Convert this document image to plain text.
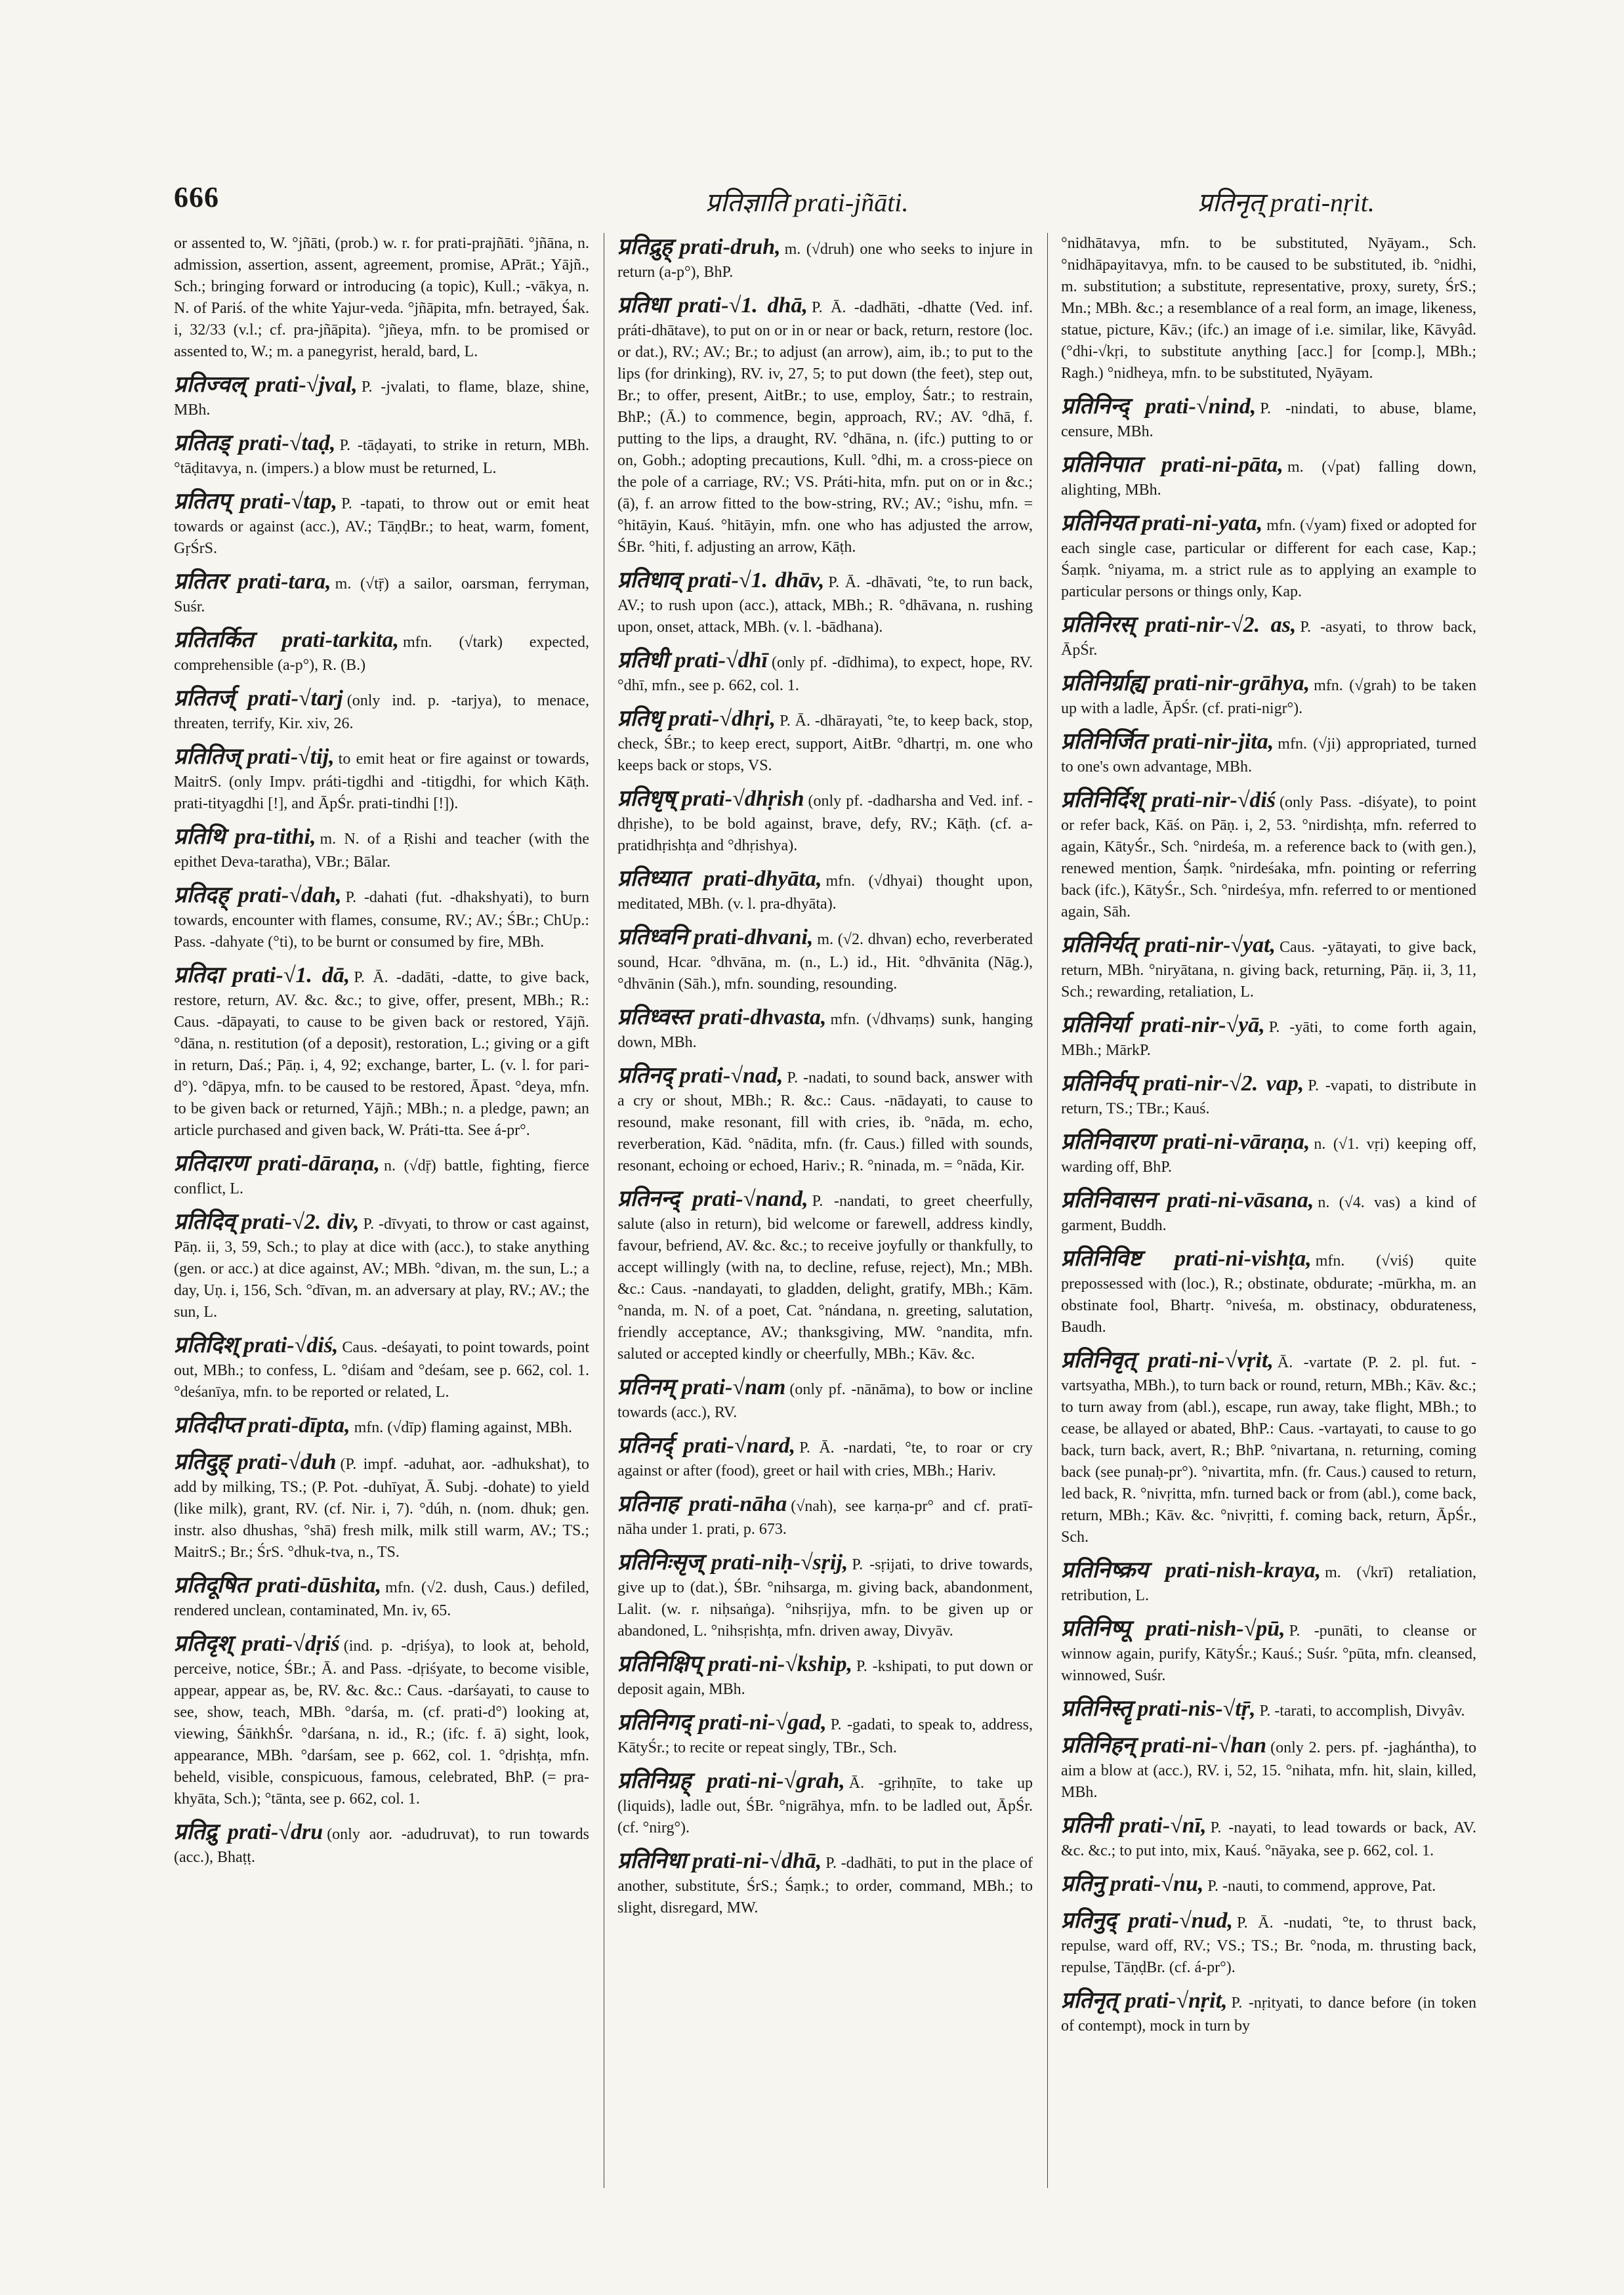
666	प्रतिज्ञाति prati-jñāti.	प्रतिनृत् prati-nṛit.

or assented to, W. °jñāti, (prob.) w. r. for prati-prajñāti. °jñāna, n. admission, assertion, assent, agreement, promise, APrāt.; Yājñ., Sch.; bringing forward or introducing (a topic), Kull.; -vākya, n. N. of Pariś. of the white Yajur-veda. °jñāpita, mfn. betrayed, Śak. i, 32/33 (v.l.; cf. pra-jñāpita). °jñeya, mfn. to be promised or assented to, W.; m. a panegyrist, herald, bard, L.

प्रतिज्वल् prati-√jval, P. -jvalati, to flame, blaze, shine, MBh.

प्रतितड् prati-√taḍ, P. -tāḍayati, to strike in return, MBh. °tāḍitavya, n. (impers.) a blow must be returned, L.

प्रतितप् prati-√tap, P. -tapati, to throw out or emit heat towards or against (acc.), AV.; TāṇḍBr.; to heat, warm, foment, GṛŚrS.

प्रतितर prati-tara, m. (√tṝ) a sailor, oarsman, ferryman, Suśr.

प्रतितर्कित prati-tarkita, mfn. (√tark) expected, comprehensible (a-p°), R. (B.)

प्रतितर्ज् prati-√tarj (only ind. p. -tarjya), to menace, threaten, terrify, Kir. xiv, 26.

प्रतितिज् prati-√tij, to emit heat or fire against or towards, MaitrS. (only Impv. práti-tigdhi and -titigdhi, for which Kāṭh. prati-tityagdhi [!], and ĀpŚr. prati-tindhi [!]).

प्रतिथि pra-tithi, m. N. of a Ṛishi and teacher (with the epithet Deva-taratha), VBr.; Bālar.

प्रतिदह् prati-√dah, P. -dahati (fut. -dhakshyati), to burn towards, encounter with flames, consume, RV.; AV.; ŚBr.; ChUp.: Pass. -dahyate (°ti), to be burnt or consumed by fire, MBh.

प्रतिदा prati-√1. dā, P. Ā. -dadāti, -datte, to give back, restore, return, AV. &c. &c.; to give, offer, present, MBh.; R.: Caus. -dāpayati, to cause to be given back or restored, Yājñ. °dāna, n. restitution (of a deposit), restoration, L.; giving or a gift in return, Daś.; Pāṇ. i, 4, 92; exchange, barter, L. (v. l. for pari-d°). °dāpya, mfn. to be caused to be restored, Āpast. °deya, mfn. to be given back or returned, Yājñ.; MBh.; n. a pledge, pawn; an article purchased and given back, W. Práti-tta. See á-pr°.

प्रतिदारण prati-dāraṇa, n. (√dṝ) battle, fighting, fierce conflict, L.

प्रतिदिव् prati-√2. div, P. -dīvyati, to throw or cast against, Pāṇ. ii, 3, 59, Sch.; to play at dice with (acc.), to stake anything (gen. or acc.) at dice against, AV.; MBh. °divan, m. the sun, L.; a day, Uṇ. i, 156, Sch. °dīvan, m. an adversary at play, RV.; AV.; the sun, L.

प्रतिदिश् prati-√diś, Caus. -deśayati, to point towards, point out, MBh.; to confess, L. °diśam and °deśam, see p. 662, col. 1. °deśanīya, mfn. to be reported or related, L.

प्रतिदीप्त prati-dīpta, mfn. (√dīp) flaming against, MBh.

प्रतिदुह् prati-√duh (P. impf. -aduhat, aor. -adhukshat), to add by milking, TS.; (P. Pot. -duhīyat, Ā. Subj. -dohate) to yield (like milk), grant, RV. (cf. Nir. i, 7). °dúh, n. (nom. dhuk; gen. instr. also dhushas, °shā) fresh milk, milk still warm, AV.; TS.; MaitrS.; Br.; ŚrS. °dhuk-tva, n., TS.

प्रतिदूषित prati-dūshita, mfn. (√2. dush, Caus.) defiled, rendered unclean, contaminated, Mn. iv, 65.

प्रतिदृश् prati-√dṛiś (ind. p. -dṛiśya), to look at, behold, perceive, notice, ŚBr.; Ā. and Pass. -dṛiśyate, to become visible, appear, appear as, be, RV. &c. &c.: Caus. -darśayati, to cause to see, show, teach, MBh. °darśa, m. (cf. prati-d°) looking at, viewing, ŚāṅkhŚr. °darśana, n. id., R.; (ifc. f. ā) sight, look, appearance, MBh. °darśam, see p. 662, col. 1. °dṛishṭa, mfn. beheld, visible, conspicuous, famous, celebrated, BhP. (= pra-khyāta, Sch.); °tānta, see p. 662, col. 1.

प्रतिद्रु prati-√dru (only aor. -adudruvat), to run towards (acc.), Bhaṭṭ.

प्रतिद्रुह् prati-druh, m. (√druh) one who seeks to injure in return (a-p°), BhP.

प्रतिधा prati-√1. dhā, P. Ā. -dadhāti, -dhatte (Ved. inf. práti-dhātave), to put on or in or near or back, return, restore (loc. or dat.), RV.; AV.; Br.; to adjust (an arrow), aim, ib.; to put to the lips (for drinking), RV. iv, 27, 5; to put down (the feet), step out, Br.; to offer, present, AitBr.; to use, employ, Śatr.; to restrain, BhP.; (Ā.) to commence, begin, approach, RV.; AV. °dhā, f. putting to the lips, a draught, RV. °dhāna, n. (ifc.) putting to or on, Gobh.; adopting precautions, Kull. °dhi, m. a cross-piece on the pole of a carriage, RV.; VS. Práti-hita, mfn. put on or in &c.; (ā), f. an arrow fitted to the bow-string, RV.; AV.; °ishu, mfn. = °hitāyin, Kauś. °hitāyin, mfn. one who has adjusted the arrow, ŚBr. °hiti, f. adjusting an arrow, Kāṭh.

प्रतिधाव् prati-√1. dhāv, P. Ā. -dhāvati, °te, to run back, AV.; to rush upon (acc.), attack, MBh.; R. °dhāvana, n. rushing upon, onset, attack, MBh. (v. l. -bādhana).

प्रतिधी prati-√dhī (only pf. -dīdhima), to expect, hope, RV. °dhī, mfn., see p. 662, col. 1.

प्रतिधृ prati-√dhṛi, P. Ā. -dhārayati, °te, to keep back, stop, check, ŚBr.; to keep erect, support, AitBr. °dhartṛi, m. one who keeps back or stops, VS.

प्रतिधृष् prati-√dhṛish (only pf. -dadharsha and Ved. inf. -dhṛishe), to be bold against, brave, defy, RV.; Kāṭh. (cf. a-pratidhṛishṭa and °dhṛishya).

प्रतिध्यात prati-dhyāta, mfn. (√dhyai) thought upon, meditated, MBh. (v. l. pra-dhyāta).

प्रतिध्वनि prati-dhvani, m. (√2. dhvan) echo, reverberated sound, Hcar. °dhvāna, m. (n., L.) id., Hit. °dhvānita (Nāg.), °dhvānin (Sāh.), mfn. sounding, resounding.

प्रतिध्वस्त prati-dhvasta, mfn. (√dhvaṃs) sunk, hanging down, MBh.

प्रतिनद् prati-√nad, P. -nadati, to sound back, answer with a cry or shout, MBh.; R. &c.: Caus. -nādayati, to cause to resound, make resonant, fill with cries, ib. °nāda, m. echo, reverberation, Kād. °nādita, mfn. (fr. Caus.) filled with sounds, resonant, echoing or echoed, Hariv.; R. °ninada, m. = °nāda, Kir.

प्रतिनन्द् prati-√nand, P. -nandati, to greet cheerfully, salute (also in return), bid welcome or farewell, address kindly, favour, befriend, AV. &c. &c.; to receive joyfully or thankfully, to accept willingly (with na, to decline, refuse, reject), Mn.; MBh. &c.: Caus. -nandayati, to gladden, delight, gratify, MBh.; Kām. °nanda, m. N. of a poet, Cat. °nándana, n. greeting, salutation, friendly acceptance, AV.; thanksgiving, MW. °nandita, mfn. saluted or accepted kindly or cheerfully, MBh.; Kāv. &c.

प्रतिनम् prati-√nam (only pf. -nānāma), to bow or incline towards (acc.), RV.

प्रतिनर्द् prati-√nard, P. Ā. -nardati, °te, to roar or cry against or after (food), greet or hail with cries, MBh.; Hariv.

प्रतिनाह prati-nāha (√nah), see karṇa-pr° and cf. pratī-nāha under 1. prati, p. 673.

प्रतिनिःसृज् prati-niḥ-√sṛij, P. -sṛijati, to drive towards, give up to (dat.), ŚBr. °nihsarga, m. giving back, abandonment, Lalit. (w. r. niḥsaṅga). °nihsṛijya, mfn. to be given up or abandoned, L. °nihsṛishṭa, mfn. driven away, Divyāv.

प्रतिनिक्षिप् prati-ni-√kship, P. -kshipati, to put down or deposit again, MBh.

प्रतिनिगद् prati-ni-√gad, P. -gadati, to speak to, address, KātyŚr.; to recite or repeat singly, TBr., Sch.

प्रतिनिग्रह् prati-ni-√grah, Ā. -gṛihṇīte, to take up (liquids), ladle out, ŚBr. °nigrāhya, mfn. to be ladled out, ĀpŚr. (cf. °nirg°).

प्रतिनिधा prati-ni-√dhā, P. -dadhāti, to put in the place of another, substitute, ŚrS.; Śaṃk.; to order, command, MBh.; to slight, disregard, MW.

°nidhātavya, mfn. to be substituted, Nyāyam., Sch. °nidhāpayitavya, mfn. to be caused to be substituted, ib. °nidhi, m. substitution; a substitute, representative, proxy, surety, ŚrS.; Mn.; MBh. &c.; a resemblance of a real form, an image, likeness, statue, picture, Kāv.; (ifc.) an image of i.e. similar, like, Kāvyâd. (°dhi-√kṛi, to substitute anything [acc.] for [comp.], MBh.; Ragh.) °nidheya, mfn. to be substituted, Nyāyam.

प्रतिनिन्द् prati-√nind, P. -nindati, to abuse, blame, censure, MBh.

प्रतिनिपात prati-ni-pāta, m. (√pat) falling down, alighting, MBh.

प्रतिनियत prati-ni-yata, mfn. (√yam) fixed or adopted for each single case, particular or different for each case, Kap.; Śaṃk. °niyama, m. a strict rule as to applying an example to particular persons or things only, Kap.

प्रतिनिरस् prati-nir-√2. as, P. -asyati, to throw back, ĀpŚr.

प्रतिनिर्ग्राह्य prati-nir-grāhya, mfn. (√grah) to be taken up with a ladle, ĀpŚr. (cf. prati-nigr°).

प्रतिनिर्जित prati-nir-jita, mfn. (√ji) appropriated, turned to one's own advantage, MBh.

प्रतिनिर्दिश् prati-nir-√diś (only Pass. -diśyate), to point or refer back, Kāś. on Pāṇ. i, 2, 53. °nirdishṭa, mfn. referred to again, KātyŚr., Sch. °nirdeśa, m. a reference back to (with gen.), renewed mention, Śaṃk. °nirdeśaka, mfn. pointing or referring back (ifc.), KātyŚr., Sch. °nirdeśya, mfn. referred to or mentioned again, Sāh.

प्रतिनिर्यत् prati-nir-√yat, Caus. -yātayati, to give back, return, MBh. °niryātana, n. giving back, returning, Pāṇ. ii, 3, 11, Sch.; rewarding, retaliation, L.

प्रतिनिर्या prati-nir-√yā, P. -yāti, to come forth again, MBh.; MārkP.

प्रतिनिर्वप् prati-nir-√2. vap, P. -vapati, to distribute in return, TS.; TBr.; Kauś.

प्रतिनिवारण prati-ni-vāraṇa, n. (√1. vṛi) keeping off, warding off, BhP.

प्रतिनिवासन prati-ni-vāsana, n. (√4. vas) a kind of garment, Buddh.

प्रतिनिविष्ट prati-ni-vishṭa, mfn. (√viś) quite prepossessed with (loc.), R.; obstinate, obdurate; -mūrkha, m. an obstinate fool, Bhartṛ. °niveśa, m. obstinacy, obdurateness, Baudh.

प्रतिनिवृत् prati-ni-√vṛit, Ā. -vartate (P. 2. pl. fut. -vartsyatha, MBh.), to turn back or round, return, MBh.; Kāv. &c.; to turn away from (abl.), escape, run away, take flight, MBh.; to cease, be allayed or abated, BhP.: Caus. -vartayati, to cause to go back, turn back, avert, R.; BhP. °nivartana, n. returning, coming back (see punaḥ-pr°). °nivartita, mfn. (fr. Caus.) caused to return, led back, R. °nivṛitta, mfn. turned back or from (abl.), come back, return, MBh.; Kāv. &c. °nivṛitti, f. coming back, return, ĀpŚr., Sch.

प्रतिनिष्क्रय prati-nish-kraya, m. (√krī) retaliation, retribution, L.

प्रतिनिष्पू prati-nish-√pū, P. -punāti, to cleanse or winnow again, purify, KātyŚr.; Kauś.; Suśr. °pūta, mfn. cleansed, winnowed, Suśr.

प्रतिनिस्तॄ prati-nis-√tṝ, P. -tarati, to accomplish, Divyâv.

प्रतिनिहन् prati-ni-√han (only 2. pers. pf. -jaghántha), to aim a blow at (acc.), RV. i, 52, 15. °nihata, mfn. hit, slain, killed, MBh.

प्रतिनी prati-√nī, P. -nayati, to lead towards or back, AV. &c. &c.; to put into, mix, Kauś. °nāyaka, see p. 662, col. 1.

प्रतिनु prati-√nu, P. -nauti, to commend, approve, Pat.

प्रतिनुद् prati-√nud, P. Ā. -nudati, °te, to thrust back, repulse, ward off, RV.; VS.; TS.; Br. °noda, m. thrusting back, repulse, TāṇḍBr. (cf. á-pr°).

प्रतिनृत् prati-√nṛit, P. -nṛityati, to dance before (in token of contempt), mock in turn by
